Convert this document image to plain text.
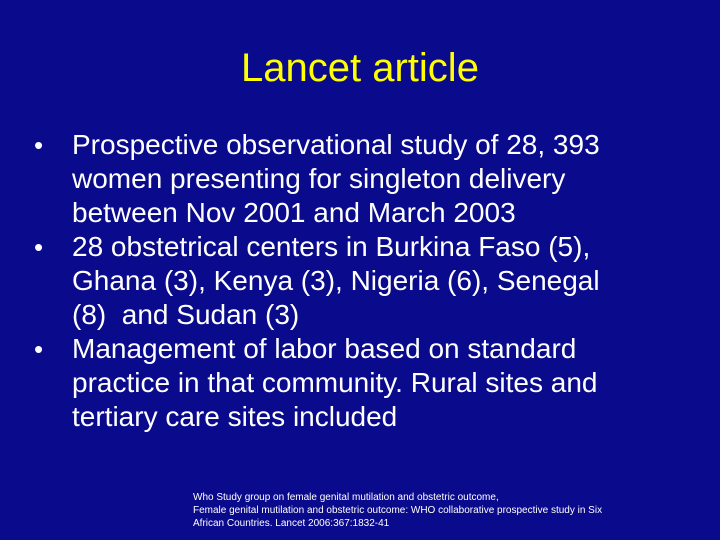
Lancet article
• Prospective observational study of 28, 393
women presenting for singleton delivery
between Nov 2001 and March 2003
• 28 obstetrical centers in Burkina Faso (5),
Ghana (3), Kenya (3), Nigeria (6), Senegal
(8)  and Sudan (3)
• Management of labor based on standard
practice in that community. Rural sites and
tertiary care sites included
Who Study group on female genital mutilation and obstetric outcome,
Female genital mutilation and obstetric outcome: WHO collaborative prospective study in Six
African Countries. Lancet 2006:367:1832-41
